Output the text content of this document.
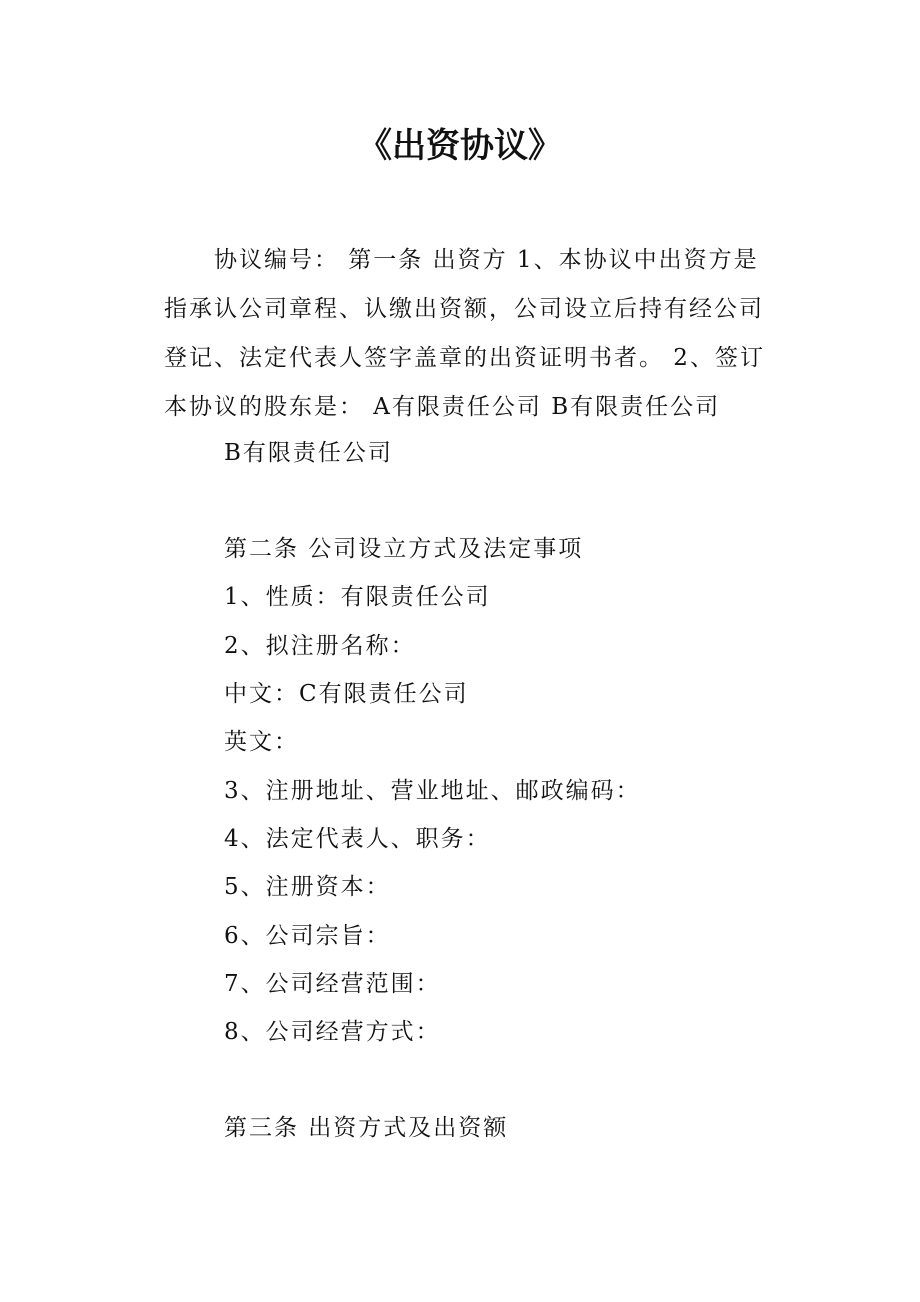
《出资协议》

协议编号： 第一条 出资方 1、本协议中出资方是指承认公司章程、认缴出资额，公司设立后持有经公司登记、法定代表人签字盖章的出资证明书者。 2、签订本协议的股东是： A有限责任公司 B有限责任公司

B有限责任公司

第二条 公司设立方式及法定事项

1、性质：有限责任公司

2、拟注册名称：

中文：C有限责任公司

英文：

3、注册地址、营业地址、邮政编码：

4、法定代表人、职务：

5、注册资本：

6、公司宗旨：

7、公司经营范围：

8、公司经营方式：

第三条 出资方式及出资额
